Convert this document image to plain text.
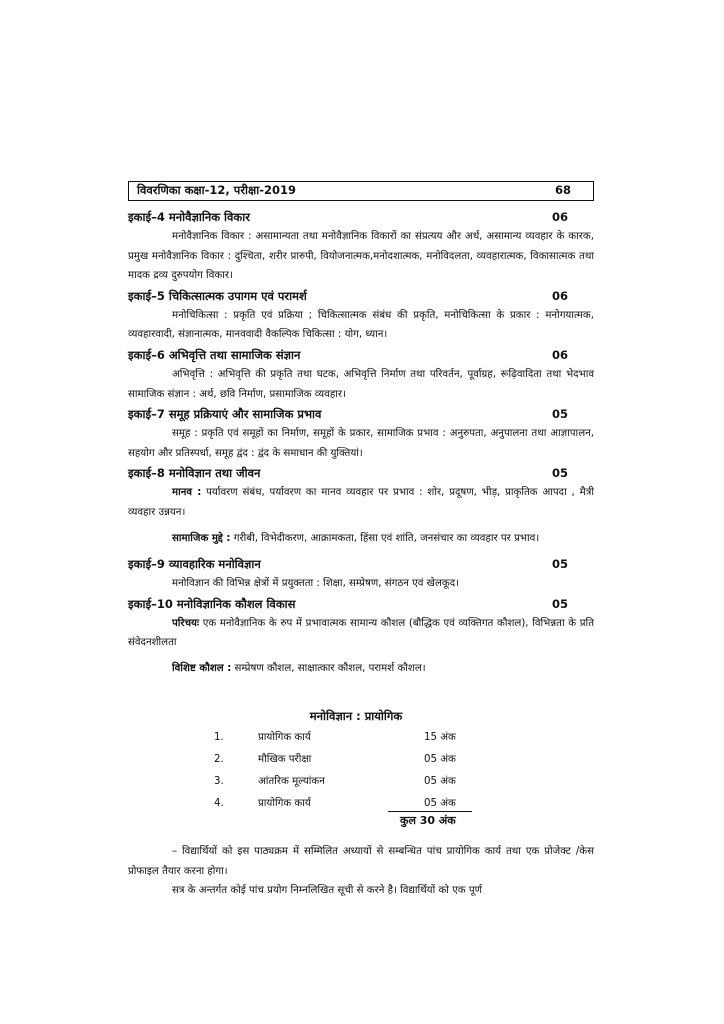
विवरणिका कक्षा-12, परीक्षा-2019	68
इकाई–4 मनोवैज्ञानिक विकार	06

मनोवैज्ञानिक विकार : असामान्यता तथा मनोवैज्ञानिक विकारों का संप्रत्यय और अर्थ, असामान्य व्यवहार के कारक, प्रमुख मनोवैज्ञानिक विकार : दुश्चिता, शरीर प्रारुपी, वियोजनात्मक,मनोदशात्मक, मनोविदलता, व्यवहारात्मक, विकासात्मक तथा मादक द्रव्य दुरुपयोग विकार।

इकाई–5 चिकित्सात्मक उपागम एवं परामर्श	06

मनोचिकित्सा : प्रकृति एवं प्रक्रिया ; चिकित्सात्मक संबंध की प्रकृति, मनोचिकित्सा के प्रकार : मनोगयात्मक, व्यवहारवादी, संज्ञानात्मक, मानववादी वैकल्पिक चिकित्सा : योग, ध्यान।

इकाई–6 अभिवृत्ति तथा सामाजिक संज्ञान	06

अभिवृत्ति : अभिवृत्ति की प्रकृति तथा घटक, अभिवृत्ति निर्माण तथा परिवर्तन, पूर्वाग्रह, रूढ़िवादिता तथा भेदभाव सामाजिक संज्ञान : अर्थ, छवि निर्माण, प्रसामाजिक व्यवहार।

इकाई–7 समूह प्रक्रियाएं और सामाजिक प्रभाव	05

समूह : प्रकृति एवं समूहों का निर्माण, समूहों के प्रकार, सामाजिक प्रभाव : अनुरुपता, अनुपालना तथा आज्ञापालन, सहयोग और प्रतिस्पर्धा, समूह द्वंद : द्वंद के समाधान की युक्तियां।

इकाई–8 मनोविज्ञान तथा जीवन	05

मानव : पर्यावरण संबंध, पर्यावरण का मानव व्यवहार पर प्रभाव : शोर, प्रदूषण, भीड़, प्राकृतिक आपदा , मैत्री व्यवहार उन्नयन।

सामाजिक मुद्दे : गरीबी, विभेदीकरण, आक्रामकता, हिंसा एवं शांति, जनसंचार का व्यवहार पर प्रभाव।

इकाई–9 व्यावहारिक मनोविज्ञान	05

मनोविज्ञान की विभिन्न क्षेत्रों में प्रयुक्तता : शिक्षा, सम्प्रेषण, संगठन एवं खेलकूद।

इकाई–10 मनोविज्ञानिक कौशल विकास	05

परिचयः एक मनोवैज्ञानिक के रुप में प्रभावात्मक सामान्य कौशल (बौद्धिक एवं व्यक्तिगत कौशल), विभिन्नता के प्रति संवेदनशीलता

विशिष्ट कौशल : सम्प्रेषण कौशल, साक्षात्कार कौशल, परामर्श कौशल।

मनोविज्ञान : प्रायोगिक
1.	प्रायोगिक कार्य	15 अंक
2.	मौखिक परीक्षा	05 अंक
3.	आंतरिक मूल्यांकन	05 अंक
4.	प्रायोगिक कार्य	05 अंक
कुल 30 अंक

– विद्यार्थियों को इस पाठ्यक्रम में सम्मिलित अध्यायों से सम्बन्धित पांच प्रायोगिक कार्य तथा एक प्रोजेक्ट /केस प्रोफाइल तैयार करना होगा।

सत्र के अन्तर्गत कोई पांच प्रयोग निम्नलिखित सूची से करने है। विद्यार्थियों को एक पूर्ण
